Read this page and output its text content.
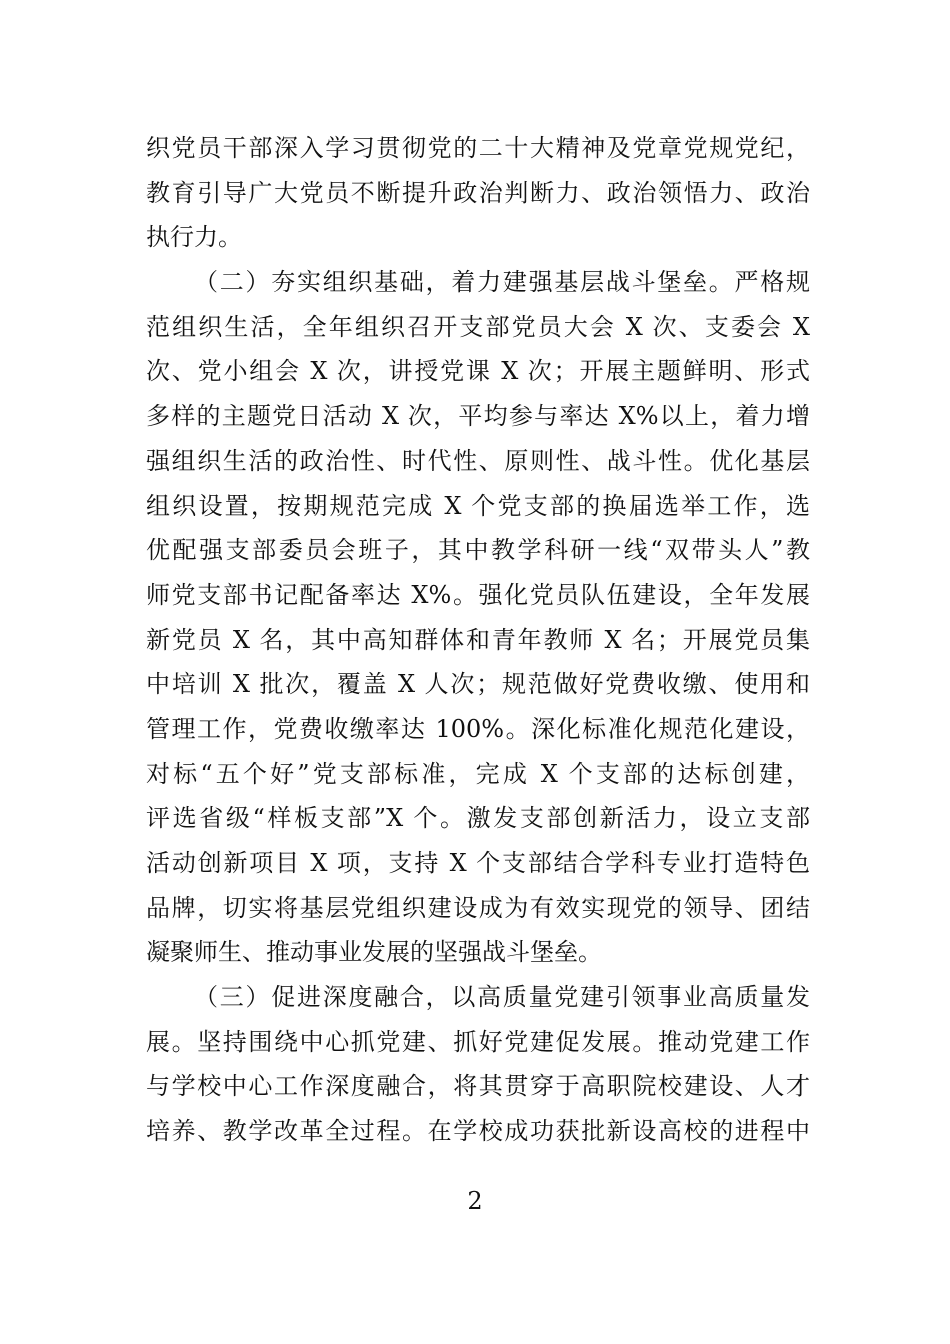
织党员干部深入学习贯彻党的二十大精神及党章党规党纪，
教育引导广大党员不断提升政治判断力、政治领悟力、政治
执行力。
（二）夯实组织基础，着力建强基层战斗堡垒。严格规
范组织生活，全年组织召开支部党员大会 X 次、支委会 X
次、党小组会 X 次，讲授党课 X 次；开展主题鲜明、形式
多样的主题党日活动 X 次，平均参与率达 X%以上，着力增
强组织生活的政治性、时代性、原则性、战斗性。优化基层
组织设置，按期规范完成 X 个党支部的换届选举工作，选
优配强支部委员会班子，其中教学科研一线“双带头人”教
师党支部书记配备率达 X%。强化党员队伍建设，全年发展
新党员 X 名，其中高知群体和青年教师 X 名；开展党员集
中培训 X 批次，覆盖 X 人次；规范做好党费收缴、使用和
管理工作，党费收缴率达 100%。深化标准化规范化建设，
对标“五个好”党支部标准，完成 X 个支部的达标创建，
评选省级“样板支部”X 个。激发支部创新活力，设立支部
活动创新项目 X 项，支持 X 个支部结合学科专业打造特色
品牌，切实将基层党组织建设成为有效实现党的领导、团结
凝聚师生、推动事业发展的坚强战斗堡垒。
（三）促进深度融合，以高质量党建引领事业高质量发
展。坚持围绕中心抓党建、抓好党建促发展。推动党建工作
与学校中心工作深度融合，将其贯穿于高职院校建设、人才
培养、教学改革全过程。在学校成功获批新设高校的进程中
2
